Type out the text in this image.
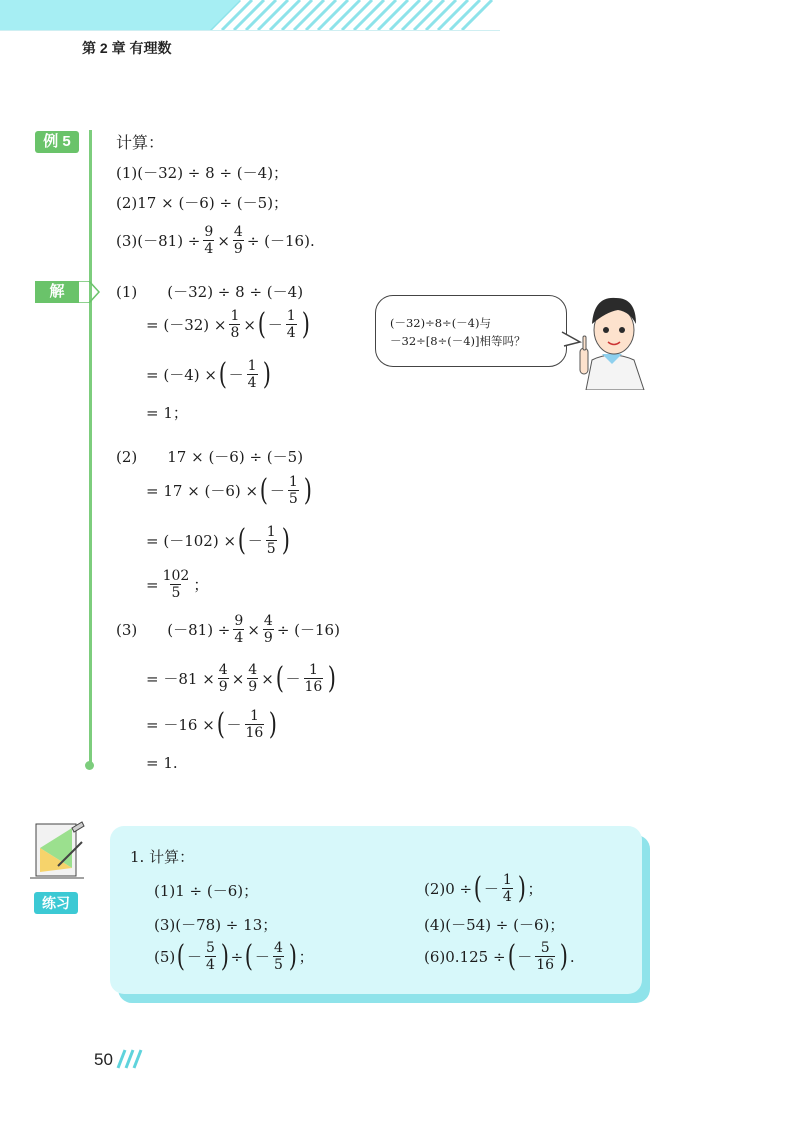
第 2 章 有理数
例 5	计算：
(1) (－32) ÷ 8 ÷ (－4)；
(2) 17 × (－6) ÷ (－5)；
(3) $(-81) \div \frac{9}{4} \times \frac{4}{9} \div (-16)$.
解	(1) (－32) ÷ 8 ÷ (－4)
= $(-32) \times \frac{1}{8}$ × ( － $\frac{1}{4}$ )
= (－4) × ( － $\frac{1}{4}$ )
= 1；
(－32)÷8÷(－4)与
－32÷[8÷(－4)]相等吗？
(2) 17 × (－6) ÷ (－5)
= 17 × (－6) × ( － $\frac{1}{5}$ )
= (－102) × ( － $\frac{1}{5}$ )
= $\frac{102}{5}$ ；
(3) $(-81) \div \frac{9}{4} \times \frac{4}{9} \div (-16)$
= $-81 \times \frac{4}{9} \times \frac{4}{9}$ × ( － $\frac{1}{16}$ )
= －16 × ( － $\frac{1}{16}$ )
= 1.
练习
1. 计算：
(1) 1 ÷ (－6)；	(2) 0 ÷ ( － $\frac{1}{4}$ ) ；
(3) (－78) ÷ 13；	(4) (－54) ÷ (－6)；
(5) ( － $\frac{5}{4}$ ) ÷ ( － $\frac{4}{5}$ ) ；	(6) 0.125 ÷ ( － $\frac{5}{16}$ ) .
50
